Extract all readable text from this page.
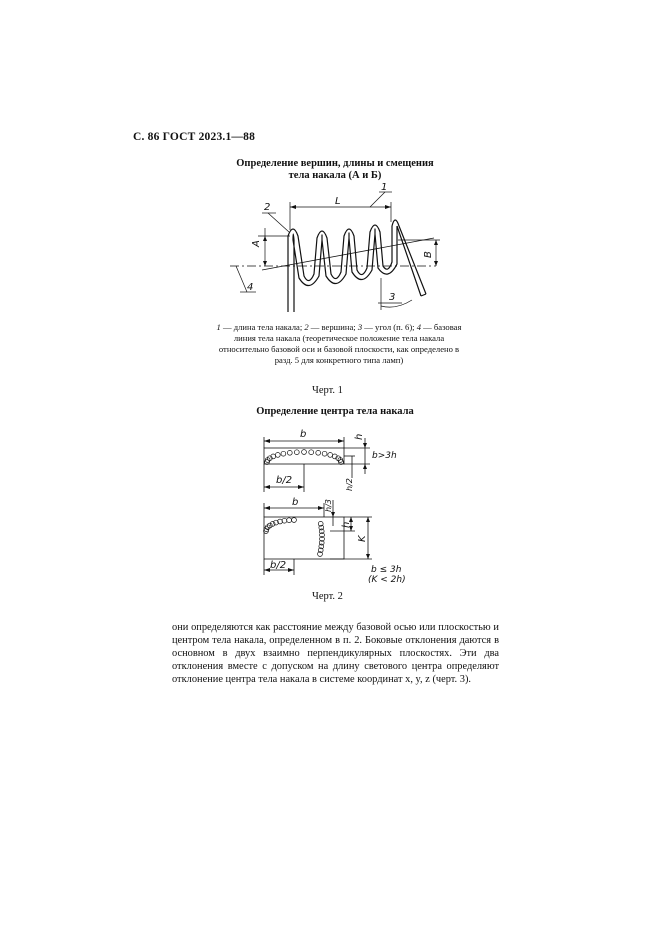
С. 86 ГОСТ 2023.1—88
Определение вершин, длины и смещения
тела накала (А и Б)
1
L
2
A
B
3
4
b
b/2
h
h/2
b>3h
b
b/2
h/3
h
K
b ≤ 3h
(K < 2h)
1 — длина тела накала; 2 — вершина; 3 — угол (п. 6); 4 — базовая линия тела накала (теоретическое положение тела накала относительно базовой оси и базовой плоскости, как определено в разд. 5 для конкретного типа ламп)
Черт. 1
Определение центра тела накала
Черт. 2

они определяются как расстояние между базовой осью или плоскостью и центром тела накала, определенном в п. 2. Боковые отклонения даются в основном в двух взаимно перпендикулярных плоскостях. Эти два отклонения вместе с допуском на длину светового центра определяют отклонение центра тела накала в системе координат x, y, z (черт. 3).
